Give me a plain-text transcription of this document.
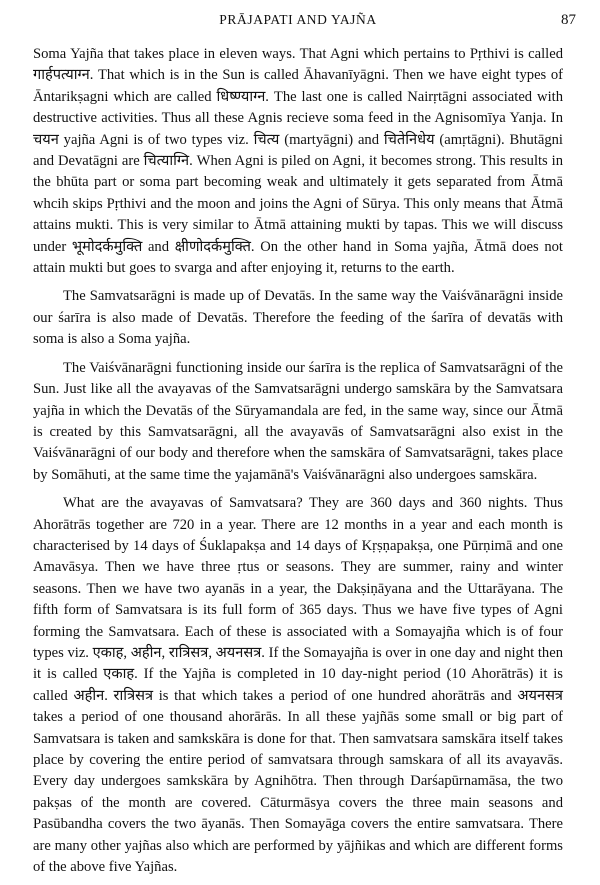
PRĀJAPATI AND YAJÑA	87

Soma Yajña that takes place in eleven ways. That Agni which pertains to Pṛthivi is called गार्हपत्याग्न. That which is in the Sun is called Āhavanīyāgni. Then we have eight types of Āntarikṣagni which are called धिष्ण्याग्न. The last one is called Nairṛtāgni associated with destructive activities. Thus all these Agnis recieve soma feed in the Agnisomīya Yanja. In चयन yajña Agni is of two types viz. चित्य (martyāgni) and चितेनिधेय (amṛtāgni). Bhutāgni and Devatāgni are चित्याग्नि. When Agni is piled on Agni, it becomes strong. This results in the bhūta part or soma part becoming weak and ultimately it gets separated from Ātmā whcih skips Pṛthivi and the moon and joins the Agni of Sūrya. This only means that Ātmā attains mukti. This is very similar to Ātmā attaining mukti by tapas. This we will discuss under भूमोदर्कमुक्ति and क्षीणोदर्कमुक्ति. On the other hand in Soma yajña, Ātmā does not attain mukti but goes to svarga and after enjoying it, returns to the earth.

The Samvatsarāgni is made up of Devatās. In the same way the Vaiśvānarāgni inside our śarīra is also made of Devatās. Therefore the feeding of the śarīra of devatās with soma is also a Soma yajña.

The Vaiśvānarāgni functioning inside our śarīra is the replica of Samvatsarāgni of the Sun. Just like all the avayavas of the Samvatsarāgni undergo samskāra by the Samvatsara yajña in which the Devatās of the Sūryamandala are fed, in the same way, since our Ātmā is created by this Samvatsarāgni, all the avayavās of Samvatsarāgni also exist in the Vaiśvānarāgni of our body and therefore when the samskāra of Samvatsarāgni, takes place by Somāhuti, at the same time the yajamānā's Vaiśvānarāgni also undergoes samskāra.

What are the avayavas of Samvatsara? They are 360 days and 360 nights. Thus Ahorātrās together are 720 in a year. There are 12 months in a year and each month is characterised by 14 days of Śuklapakṣa and 14 days of Kṛṣṇapakṣa, one Pūrṇimā and one Amavāsya. Then we have three ṛtus or seasons. They are summer, rainy and winter seasons. Then we have two ayanās in a year, the Dakṣiṇāyana and the Uttarāyana. The fifth form of Samvatsara is its full form of 365 days. Thus we have five types of Agni forming the Samvatsara. Each of these is associated with a Somayajña which is of four types viz. एकाह, अहीन, रात्रिसत्र, अयनसत्र. If the Somayajña is over in one day and night then it is called एकाह. If the Yajña is completed in 10 day-night period (10 Ahorātrās) it is called अहीन. रात्रिसत्र is that which takes a period of one hundred ahorātrās and अयनसत्र takes a period of one thousand ahorārās. In all these yajñās some small or big part of Samvatsara is taken and samkskāra is done for that. Then samvatsara samskāra itself takes place by covering the entire period of samvatsara through samskara of all its avayavās. Every day undergoes samkskāra by Agnihōtra. Then through Darśapūrnamāsa, the two pakṣas of the month are covered. Cāturmāsya covers the three main seasons and Pasūbandha covers the two āyanās. Then Somayāga covers the entire samvatsara. There are many other yajñas also which are performed by yājñikas and which are different forms of the above five Yajñas.
